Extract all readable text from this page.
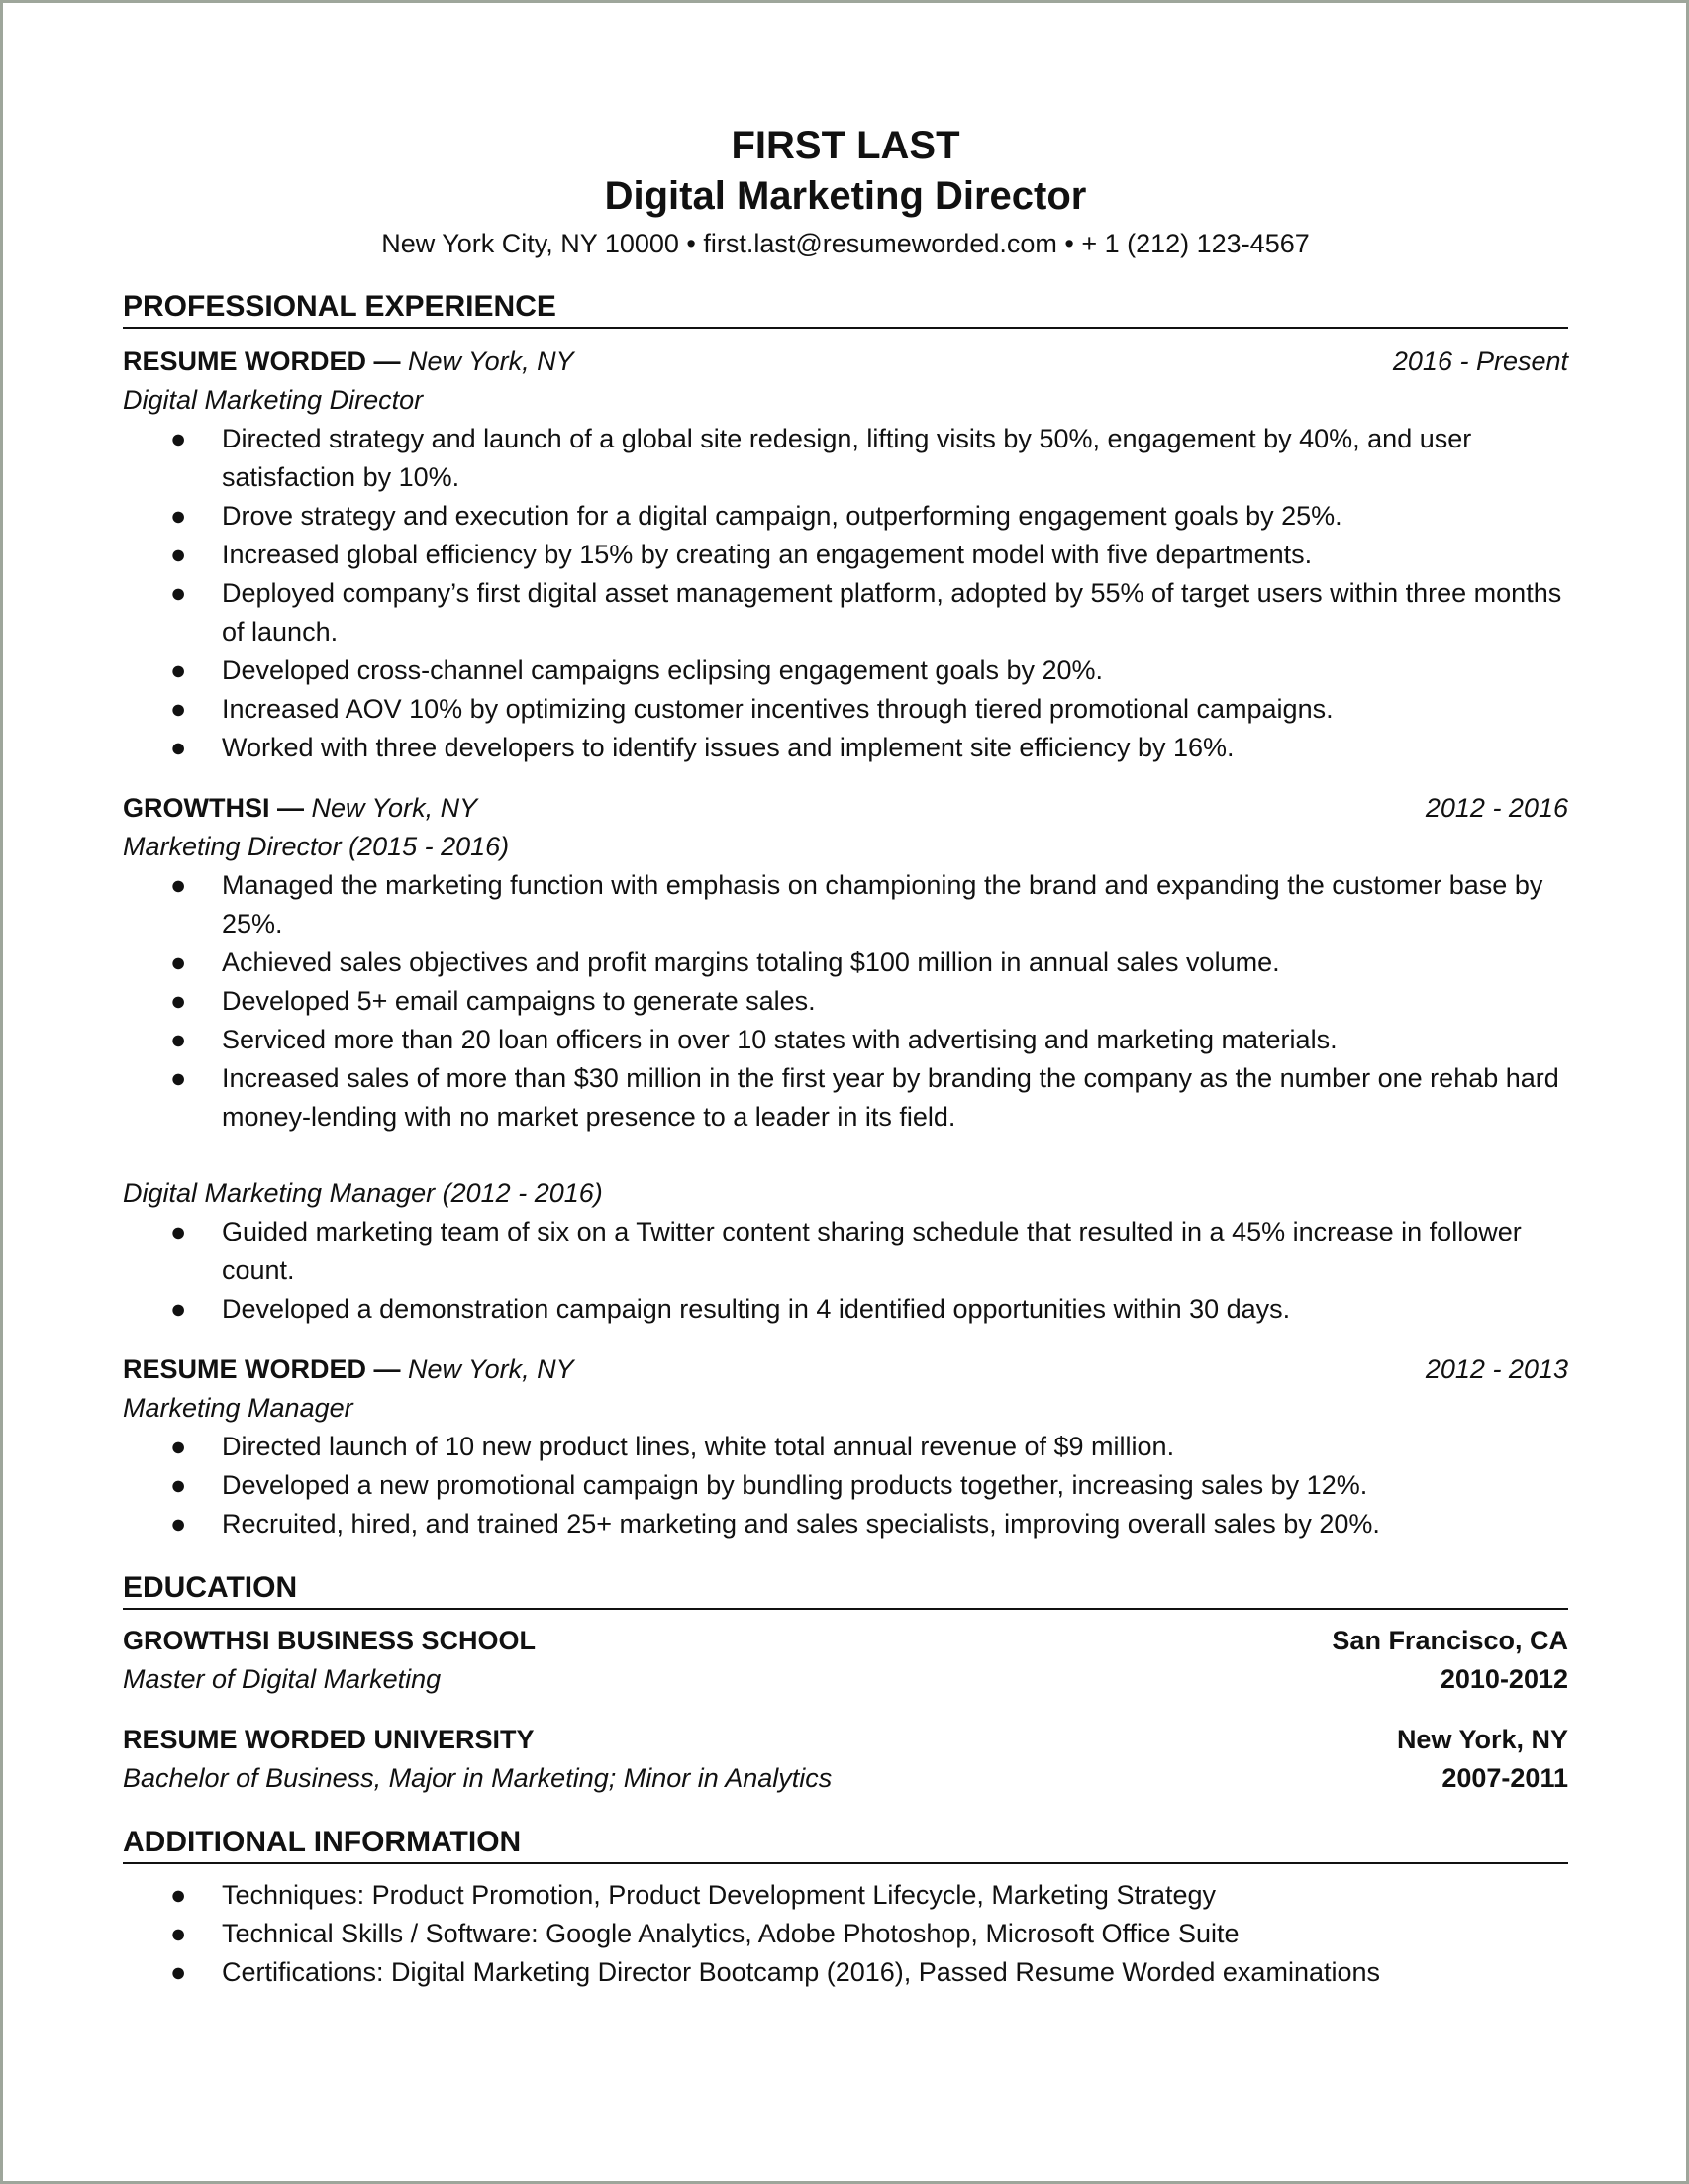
FIRST LAST
Digital Marketing Director
New York City, NY 10000 • first.last@resumeworded.com • + 1 (212) 123-4567
PROFESSIONAL EXPERIENCE
RESUME WORDED — New York, NY	2016 - Present
Digital Marketing Director
● Directed strategy and launch of a global site redesign, lifting visits by 50%, engagement by 40%, and user satisfaction by 10%.
● Drove strategy and execution for a digital campaign, outperforming engagement goals by 25%.
● Increased global efficiency by 15% by creating an engagement model with five departments.
● Deployed company’s first digital asset management platform, adopted by 55% of target users within three months of launch.
● Developed cross-channel campaigns eclipsing engagement goals by 20%.
● Increased AOV 10% by optimizing customer incentives through tiered promotional campaigns.
● Worked with three developers to identify issues and implement site efficiency by 16%.
GROWTHSI — New York, NY	2012 - 2016
Marketing Director (2015 - 2016)
● Managed the marketing function with emphasis on championing the brand and expanding the customer base by 25%.
● Achieved sales objectives and profit margins totaling $100 million in annual sales volume.
● Developed 5+ email campaigns to generate sales.
● Serviced more than 20 loan officers in over 10 states with advertising and marketing materials.
● Increased sales of more than $30 million in the first year by branding the company as the number one rehab hard money-lending with no market presence to a leader in its field.
Digital Marketing Manager (2012 - 2016)
● Guided marketing team of six on a Twitter content sharing schedule that resulted in a 45% increase in follower count.
● Developed a demonstration campaign resulting in 4 identified opportunities within 30 days.
RESUME WORDED — New York, NY	2012 - 2013
Marketing Manager
● Directed launch of 10 new product lines, white total annual revenue of $9 million.
● Developed a new promotional campaign by bundling products together, increasing sales by 12%.
● Recruited, hired, and trained 25+ marketing and sales specialists, improving overall sales by 20%.
EDUCATION
GROWTHSI BUSINESS SCHOOL	San Francisco, CA
Master of Digital Marketing	2010-2012
RESUME WORDED UNIVERSITY	New York, NY
Bachelor of Business, Major in Marketing; Minor in Analytics	2007-2011
ADDITIONAL INFORMATION
● Techniques: Product Promotion, Product Development Lifecycle, Marketing Strategy
● Technical Skills / Software: Google Analytics, Adobe Photoshop, Microsoft Office Suite
● Certifications: Digital Marketing Director Bootcamp (2016), Passed Resume Worded examinations
